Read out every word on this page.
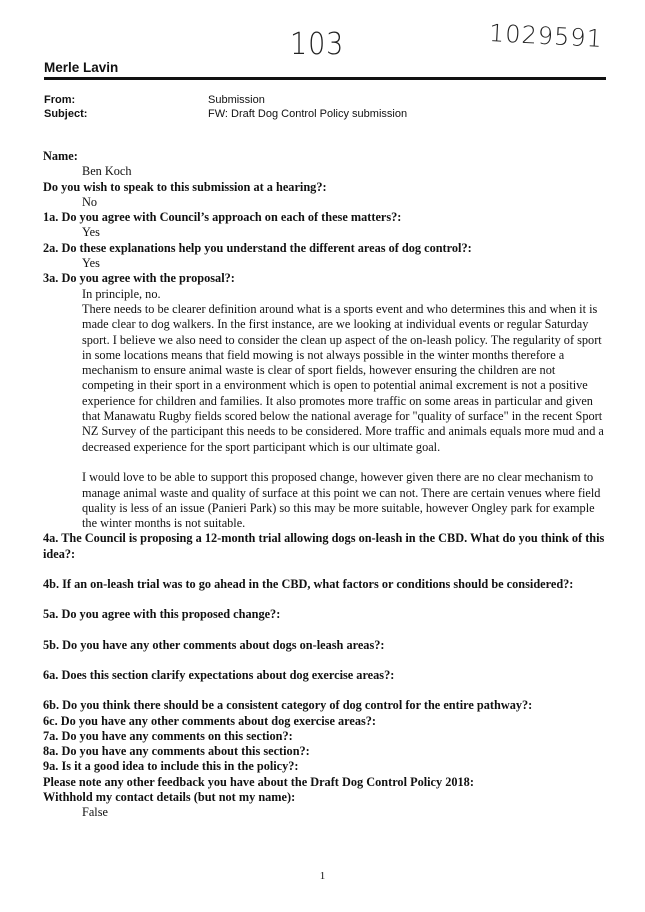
103	1029591
Merle Lavin
From:	Submission
Subject:	FW: Draft Dog Control Policy submission
Name:
Ben Koch
Do you wish to speak to this submission at a hearing?:
No
1a. Do you agree with Council’s approach on each of these matters?:
Yes
2a. Do these explanations help you understand the different areas of dog control?:
Yes
3a. Do you agree with the proposal?:
In principle, no.
There needs to be clearer definition around what is a sports event and who determines this and when it is made clear to dog walkers. In the first instance, are we looking at individual events or regular Saturday sport. I believe we also need to consider the clean up aspect of the on-leash policy. The regularity of sport in some locations means that field mowing is not always possible in the winter months therefore a mechanism to ensure animal waste is clear of sport fields, however ensuring the children are not competing in their sport in a environment which is open to potential animal excrement is not a positive experience for children and families. It also promotes more traffic on some areas in particular and given that Manawatu Rugby fields scored below the national average for "quality of surface" in the recent Sport NZ Survey of the participant this needs to be considered. More traffic and animals equals more mud and a decreased experience for the sport participant which is our ultimate goal.
I would love to be able to support this proposed change, however given there are no clear mechanism to manage animal waste and quality of surface at this point we can not. There are certain venues where field quality is less of an issue (Panieri Park) so this may be more suitable, however Ongley park for example the winter months is not suitable.
4a. The Council is proposing a 12-month trial allowing dogs on-leash in the CBD. What do you think of this idea?:
4b. If an on-leash trial was to go ahead in the CBD, what factors or conditions should be considered?:
5a. Do you agree with this proposed change?:
5b. Do you have any other comments about dogs on-leash areas?:
6a. Does this section clarify expectations about dog exercise areas?:
6b. Do you think there should be a consistent category of dog control for the entire pathway?:
6c. Do you have any other comments about dog exercise areas?:
7a. Do you have any comments on this section?:
8a. Do you have any comments about this section?:
9a. Is it a good idea to include this in the policy?:
Please note any other feedback you have about the Draft Dog Control Policy 2018:
Withhold my contact details (but not my name):
False
1
